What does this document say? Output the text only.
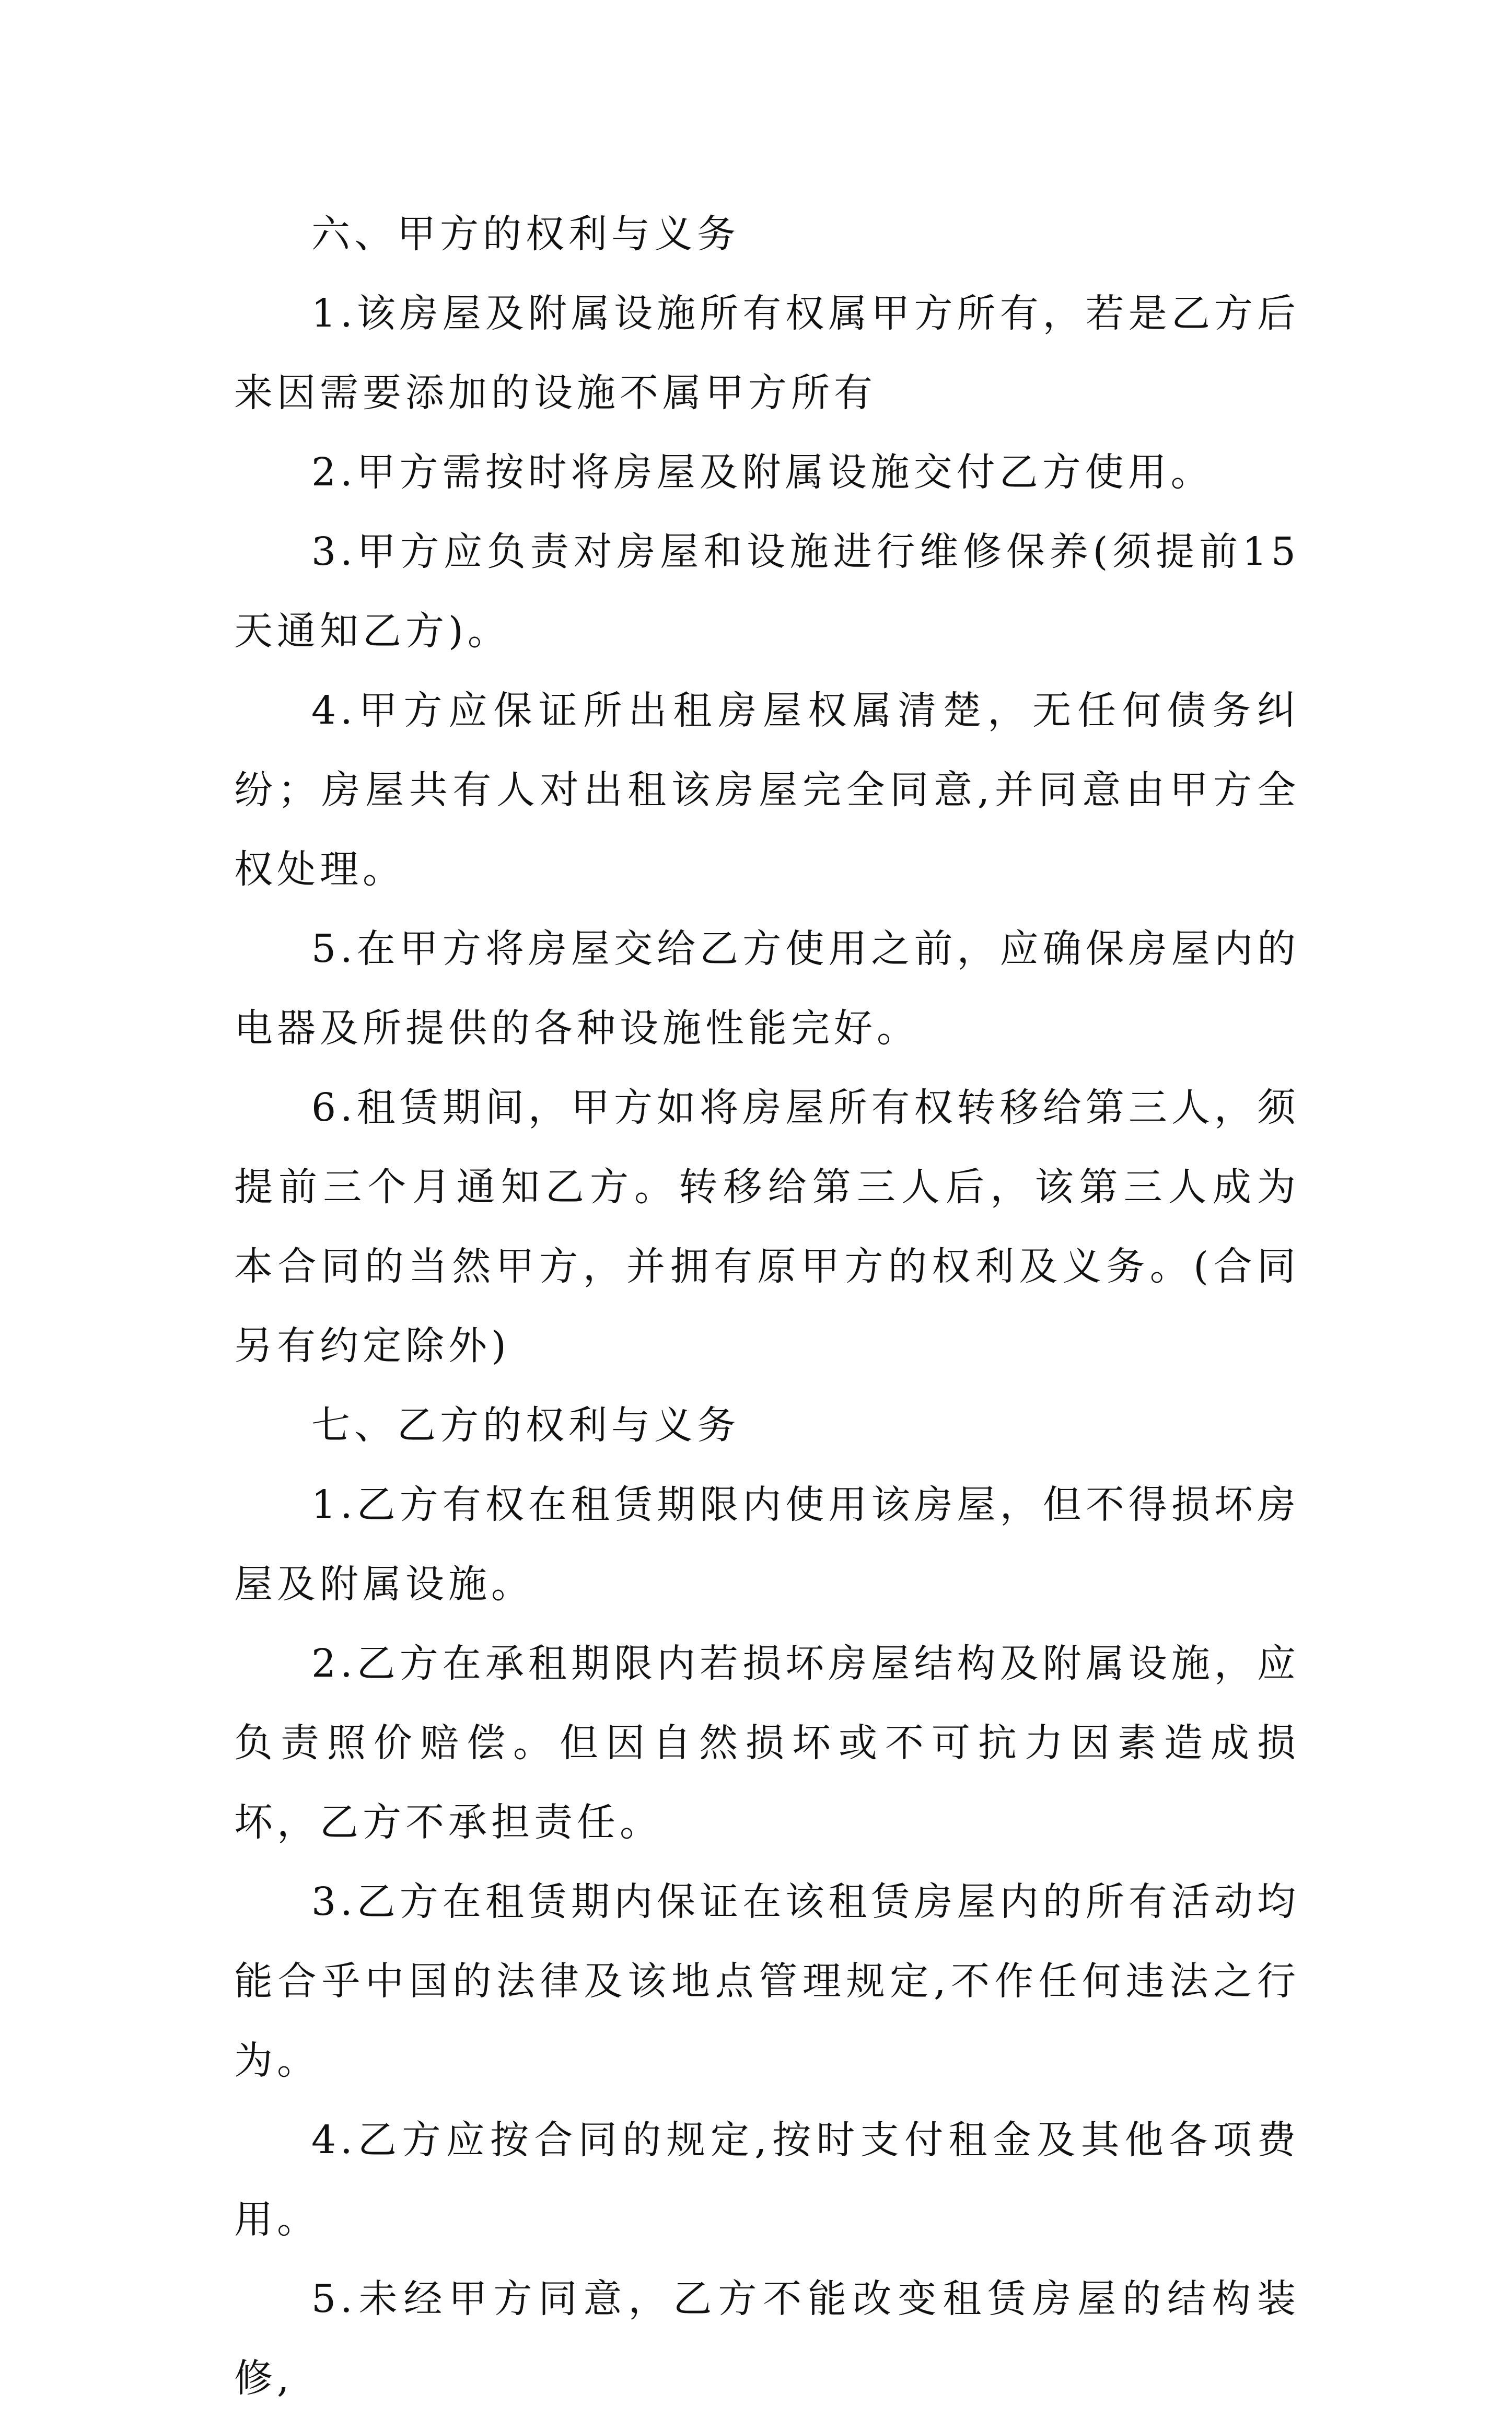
六、甲方的权利与义务

1.该房屋及附属设施所有权属甲方所有，若是乙方后来因需要添加的设施不属甲方所有

2.甲方需按时将房屋及附属设施交付乙方使用。

3.甲方应负责对房屋和设施进行维修保养(须提前15天通知乙方)。

4.甲方应保证所出租房屋权属清楚，无任何债务纠纷；房屋共有人对出租该房屋完全同意,并同意由甲方全权处理。

5.在甲方将房屋交给乙方使用之前，应确保房屋内的电器及所提供的各种设施性能完好。

6.租赁期间，甲方如将房屋所有权转移给第三人，须提前三个月通知乙方。转移给第三人后，该第三人成为本合同的当然甲方，并拥有原甲方的权利及义务。(合同另有约定除外)

七、乙方的权利与义务

1.乙方有权在租赁期限内使用该房屋，但不得损坏房屋及附属设施。

2.乙方在承租期限内若损坏房屋结构及附属设施，应负责照价赔偿。但因自然损坏或不可抗力因素造成损坏，乙方不承担责任。

3.乙方在租赁期内保证在该租赁房屋内的所有活动均能合乎中国的法律及该地点管理规定,不作任何违法之行为。

4.乙方应按合同的规定,按时支付租金及其他各项费用。

5.未经甲方同意，乙方不能改变租赁房屋的结构装修,
